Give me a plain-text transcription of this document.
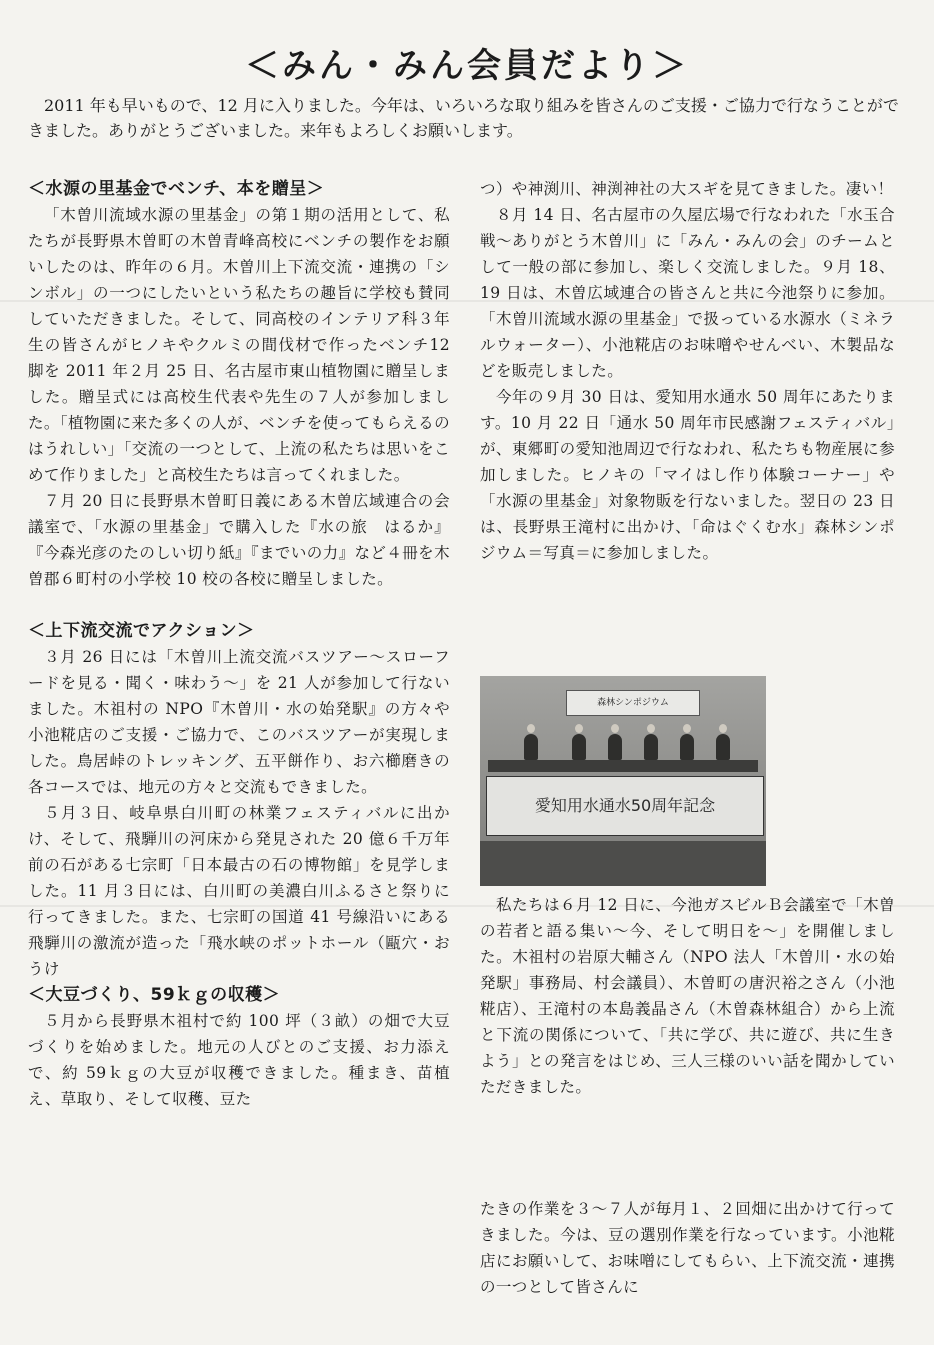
＜みん・みん会員だより＞

2011 年も早いもので、12 月に入りました。今年は、いろいろな取り組みを皆さんのご支援・ご協力で行なうことができました。ありがとうございました。来年もよろしくお願いします。

＜水源の里基金でベンチ、本を贈呈＞

「木曽川流域水源の里基金」の第１期の活用として、私たちが長野県木曽町の木曽青峰高校にベンチの製作をお願いしたのは、昨年の６月。木曽川上下流交流・連携の「シンボル」の一つにしたいという私たちの趣旨に学校も賛同していただきました。そして、同高校のインテリア科３年生の皆さんがヒノキやクルミの間伐材で作ったベンチ12 脚を 2011 年２月 25 日、名古屋市東山植物園に贈呈しました。贈呈式には高校生代表や先生の７人が参加しました。「植物園に来た多くの人が、ベンチを使ってもらえるのはうれしい」「交流の一つとして、上流の私たちは思いをこめて作りました」と高校生たちは言ってくれました。

７月 20 日に長野県木曽町日義にある木曽広域連合の会議室で、「水源の里基金」で購入した『水の旅　はるか』『今森光彦のたのしい切り紙』『までいの力』など４冊を木曽郡６町村の小学校 10 校の各校に贈呈しました。

＜上下流交流でアクション＞

３月 26 日には「木曽川上流交流バスツアー～スローフードを見る・聞く・味わう～」を 21 人が参加して行ないました。木祖村の NPO『木曽川・水の始発駅』の方々や小池糀店のご支援・ご協力で、このバスツアーが実現しました。鳥居峠のトレッキング、五平餅作り、お六櫛磨きの各コースでは、地元の方々と交流もできました。

５月３日、岐阜県白川町の林業フェスティバルに出かけ、そして、飛騨川の河床から発見された 20 億６千万年前の石がある七宗町「日本最古の石の博物館」を見学しました。11 月３日には、白川町の美濃白川ふるさと祭りに行ってきました。また、七宗町の国道 41 号線沿いにある飛騨川の激流が造った「飛水峡のポットホール（甌穴・おうけ

＜大豆づくり、59ｋｇの収穫＞

５月から長野県木祖村で約 100 坪（３畝）の畑で大豆づくりを始めました。地元の人びとのご支援、お力添えで、約 59ｋｇの大豆が収穫できました。種まき、苗植え、草取り、そして収穫、豆た

つ）や神渕川、神渕神社の大スギを見てきました。凄い！

８月 14 日、名古屋市の久屋広場で行なわれた「水玉合戦～ありがとう木曽川」に「みん・みんの会」のチームとして一般の部に参加し、楽しく交流しました。９月 18、19 日は、木曽広域連合の皆さんと共に今池祭りに参加。「木曽川流域水源の里基金」で扱っている水源水（ミネラルウォーター）、小池糀店のお味噌やせんべい、木製品などを販売しました。

今年の９月 30 日は、愛知用水通水 50 周年にあたります。10 月 22 日「通水 50 周年市民感謝フェスティバル」が、東郷町の愛知池周辺で行なわれ、私たちも物産展に参加しました。ヒノキの「マイはし作り体験コーナー」や「水源の里基金」対象物販を行ないました。翌日の 23 日は、長野県王滝村に出かけ、「命はぐくむ水」森林シンポジウム＝写真＝に参加しました。

森林シンポジウム
愛知用水通水50周年記念

私たちは６月 12 日に、今池ガスビルＢ会議室で「木曽の若者と語る集い～今、そして明日を～」を開催しました。木祖村の岩原大輔さん（NPO 法人「木曽川・水の始発駅」事務局、村会議員）、木曽町の唐沢裕之さん（小池糀店）、王滝村の本島義晶さん（木曽森林組合）から上流と下流の関係について、「共に学び、共に遊び、共に生きよう」との発言をはじめ、三人三様のいい話を聞かしていただきました。

たきの作業を３～７人が毎月１、２回畑に出かけて行ってきました。今は、豆の選別作業を行なっています。小池糀店にお願いして、お味噌にしてもらい、上下流交流・連携の一つとして皆さんに
